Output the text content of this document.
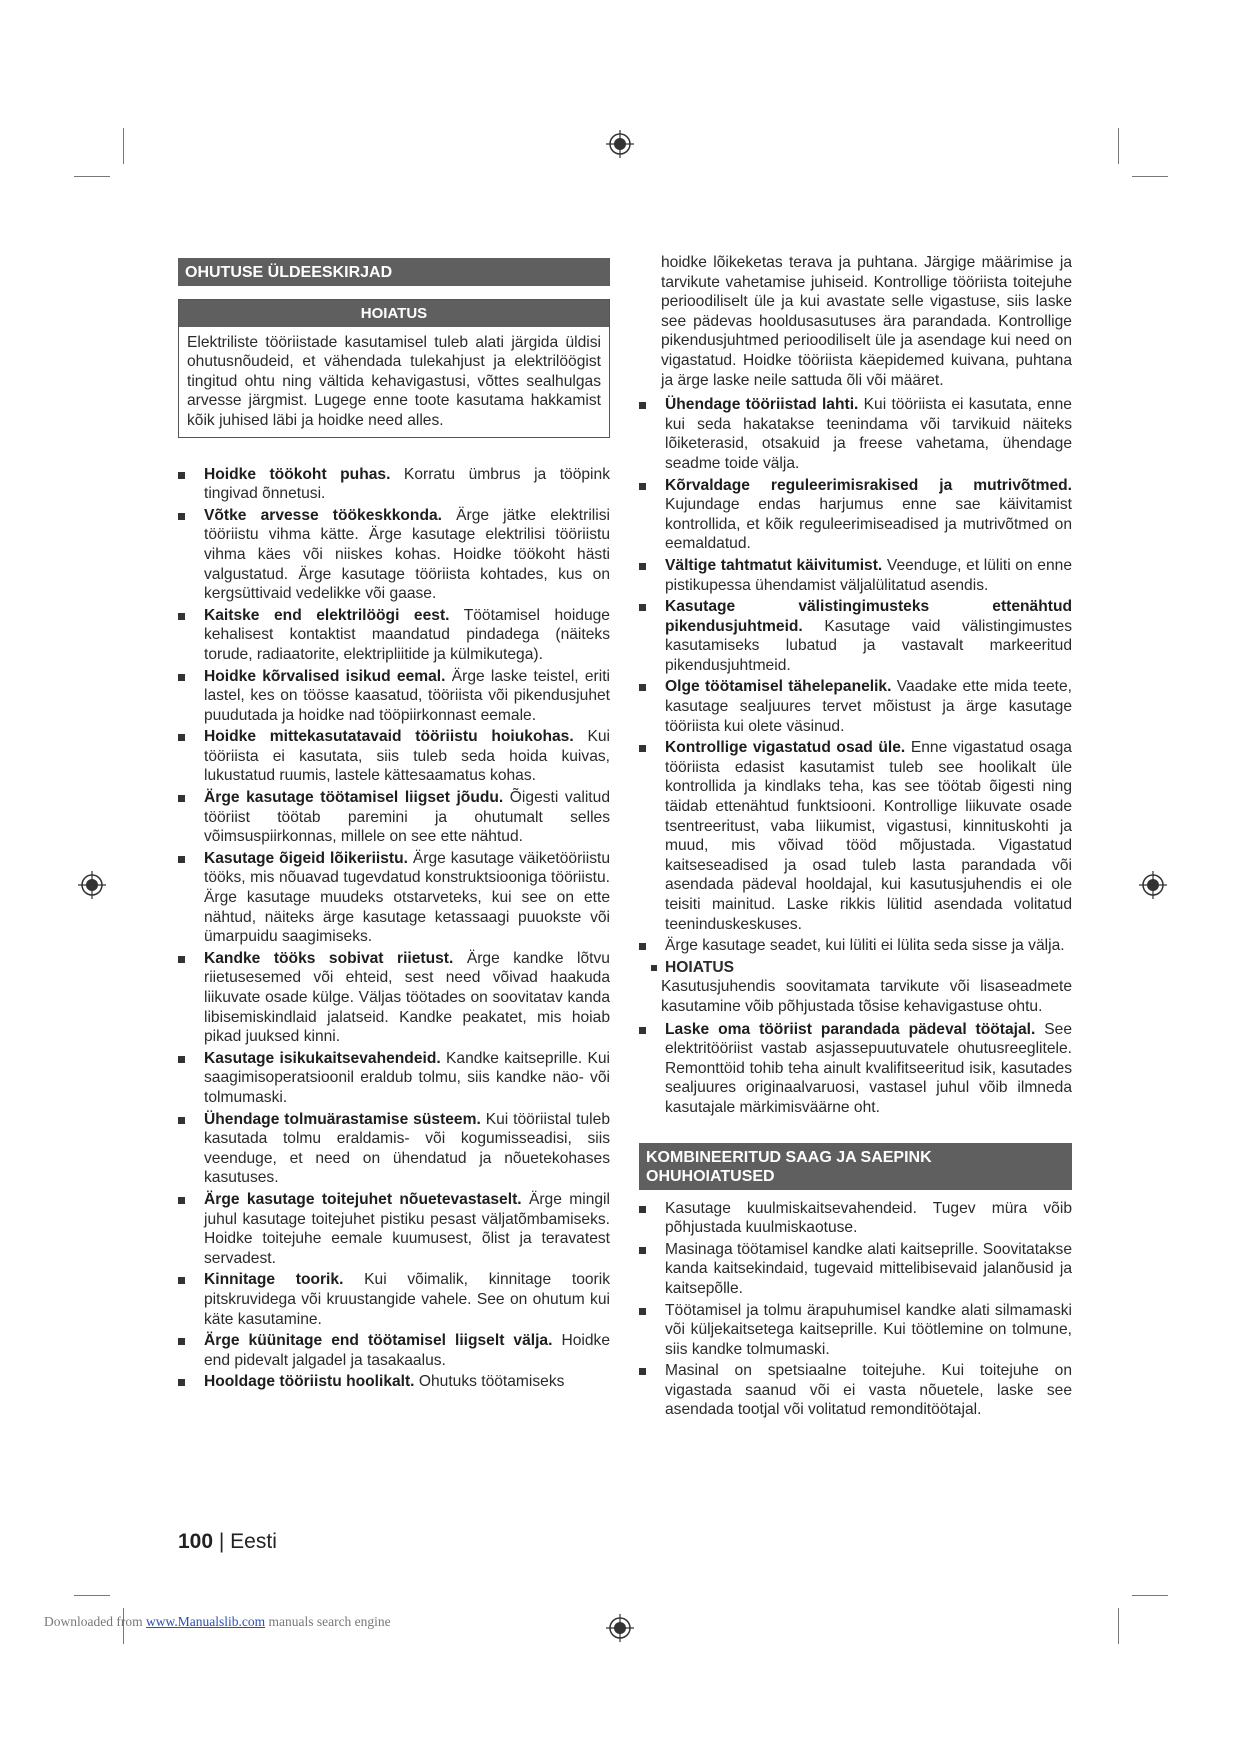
OHUTUSE ÜLDEESKIRJAD
HOIATUS
Elektriliste tööriistade kasutamisel tuleb alati järgida üldisi ohutusnõudeid, et vähendada tulekahjust ja elektrilöögist tingitud ohtu ning vältida kehavigastusi, võttes sealhulgas arvesse järgmist. Lugege enne toote kasutama hakkamist kõik juhised läbi ja hoidke need alles.
Hoidke töökoht puhas. Korratu ümbrus ja tööpink tingivad õnnetusi.
Võtke arvesse töökeskkonda. Ärge jätke elektrilisi tööriistu vihma kätte. Ärge kasutage elektrilisi tööriistu vihma käes või niiskes kohas. Hoidke töökoht hästi valgustatud. Ärge kasutage tööriista kohtades, kus on kergsüttivaid vedelikke või gaase.
Kaitske end elektrilöögi eest. Töötamisel hoiduge kehalisest kontaktist maandatud pindadega (näiteks torude, radiaatorite, elektripliitide ja külmikutega).
Hoidke kõrvalised isikud eemal. Ärge laske teistel, eriti lastel, kes on töösse kaasatud, tööriista või pikendusjuhet puudutada ja hoidke nad tööpiirkonnast eemale.
Hoidke mittekasutatavaid tööriistu hoiukohas. Kui tööriista ei kasutata, siis tuleb seda hoida kuivas, lukustatud ruumis, lastele kättesaamatus kohas.
Ärge kasutage töötamisel liigset jõudu. Õigesti valitud tööriist töötab paremini ja ohutumalt selles võimsuspiirkonnas, millele on see ette nähtud.
Kasutage õigeid lõikeriistu. Ärge kasutage väiketööriistu tööks, mis nõuavad tugevdatud konstruktsiooniga tööriistu. Ärge kasutage muudeks otstarveteks, kui see on ette nähtud, näiteks ärge kasutage ketassaagi puuokste või ümarpuidu saagimiseks.
Kandke tööks sobivat riietust. Ärge kandke lõtvu riietusesemed või ehteid, sest need võivad haakuda liikuvate osade külge. Väljas töötades on soovitatav kanda libisemiskindlaid jalatseid. Kandke peakatet, mis hoiab pikad juuksed kinni.
Kasutage isikukaitsevahendeid. Kandke kaitseprille. Kui saagimisoperatsioonil eraldub tolmu, siis kandke näo- või tolmumaski.
Ühendage tolmuärastamise süsteem. Kui tööriistal tuleb kasutada tolmu eraldamis- või kogumisseadisi, siis veenduge, et need on ühendatud ja nõuetekohases kasutuses.
Ärge kasutage toitejuhet nõuetevastaselt. Ärge mingil juhul kasutage toitejuhet pistiku pesast väljatõmbamiseks. Hoidke toitejuhe eemale kuumusest, õlist ja teravatest servadest.
Kinnitage toorik. Kui võimalik, kinnitage toorik pitskruvidega või kruustangide vahele. See on ohutum kui käte kasutamine.
Ärge küünitage end töötamisel liigselt välja. Hoidke end pidevalt jalgadel ja tasakaalus.
Hooldage tööriistu hoolikalt. Ohutuks töötamiseks
hoidke lõikeketas terava ja puhtana. Järgige määrimise ja tarvikute vahetamise juhiseid. Kontrollige tööriista toitejuhe perioodiliselt üle ja kui avastate selle vigastuse, siis laske see pädevas hooldusasutuses ära parandada. Kontrollige pikendusjuhtmed perioodiliselt üle ja asendage kui need on vigastatud. Hoidke tööriista käepidemed kuivana, puhtana ja ärge laske neile sattuda õli või määret.
Ühendage tööriistad lahti. Kui tööriista ei kasutata, enne kui seda hakatakse teenindama või tarvikuid näiteks lõiketerasid, otsakuid ja freese vahetama, ühendage seadme toide välja.
Kõrvaldage reguleerimisrakised ja mutrivõtmed. Kujundage endas harjumus enne sae käivitamist kontrollida, et kõik reguleerimiseadised ja mutrivõtmed on eemaldatud.
Vältige tahtmatut käivitumist. Veenduge, et lüliti on enne pistikupessa ühendamist väljalülitatud asendis.
Kasutage välistingimusteks ettenähtud pikendusjuhtmeid. Kasutage vaid välistingimustes kasutamiseks lubatud ja vastavalt markeeritud pikendusjuhtmeid.
Olge töötamisel tähelepanelik. Vaadake ette mida teete, kasutage sealjuures tervet mõistust ja ärge kasutage tööriista kui olete väsinud.
Kontrollige vigastatud osad üle. Enne vigastatud osaga tööriista edasist kasutamist tuleb see hoolikalt üle kontrollida ja kindlaks teha, kas see töötab õigesti ning täidab ettenähtud funktsiooni. Kontrollige liikuvate osade tsentreeritust, vaba liikumist, vigastusi, kinnituskohti ja muud, mis võivad tööd mõjustada. Vigastatud kaitseseadised ja osad tuleb lasta parandada või asendada pädeval hooldajal, kui kasutusjuhendis ei ole teisiti mainitud. Laske rikkis lülitid asendada volitatud teeninduskeskuses.
Ärge kasutage seadet, kui lüliti ei lülita seda sisse ja välja.
HOIATUS
Kasutusjuhendis soovitamata tarvikute või lisaseadmete kasutamine võib põhjustada tõsise kehavigastuse ohtu.
Laske oma tööriist parandada pädeval töötajal. See elektritööriist vastab asjassepuutuvatele ohutusreeglitele. Remonttöid tohib teha ainult kvalifitseeritud isik, kasutades sealjuures originaalvaruosi, vastasel juhul võib ilmneda kasutajale märkimisväärne oht.
KOMBINEERITUD SAAG JA SAEPINK OHUHOIATUSED
Kasutage kuulmiskaitsevahendeid. Tugev müra võib põhjustada kuulmiskaotuse.
Masinaga töötamisel kandke alati kaitseprille. Soovitatakse kanda kaitsekindaid, tugevaid mittelibisevaid jalanõusid ja kaitsepõlle.
Töötamisel ja tolmu ärapuhumisel kandke alati silmamaski või küljekaitsetega kaitseprille. Kui töötlemine on tolmune, siis kandke tolmumaski.
Masinal on spetsiaalne toitejuhe. Kui toitejuhe on vigastada saanud või ei vasta nõuetele, laske see asendada tootjal või volitatud remonditöötajal.
100 | Eesti
Downloaded from www.Manualslib.com manuals search engine
